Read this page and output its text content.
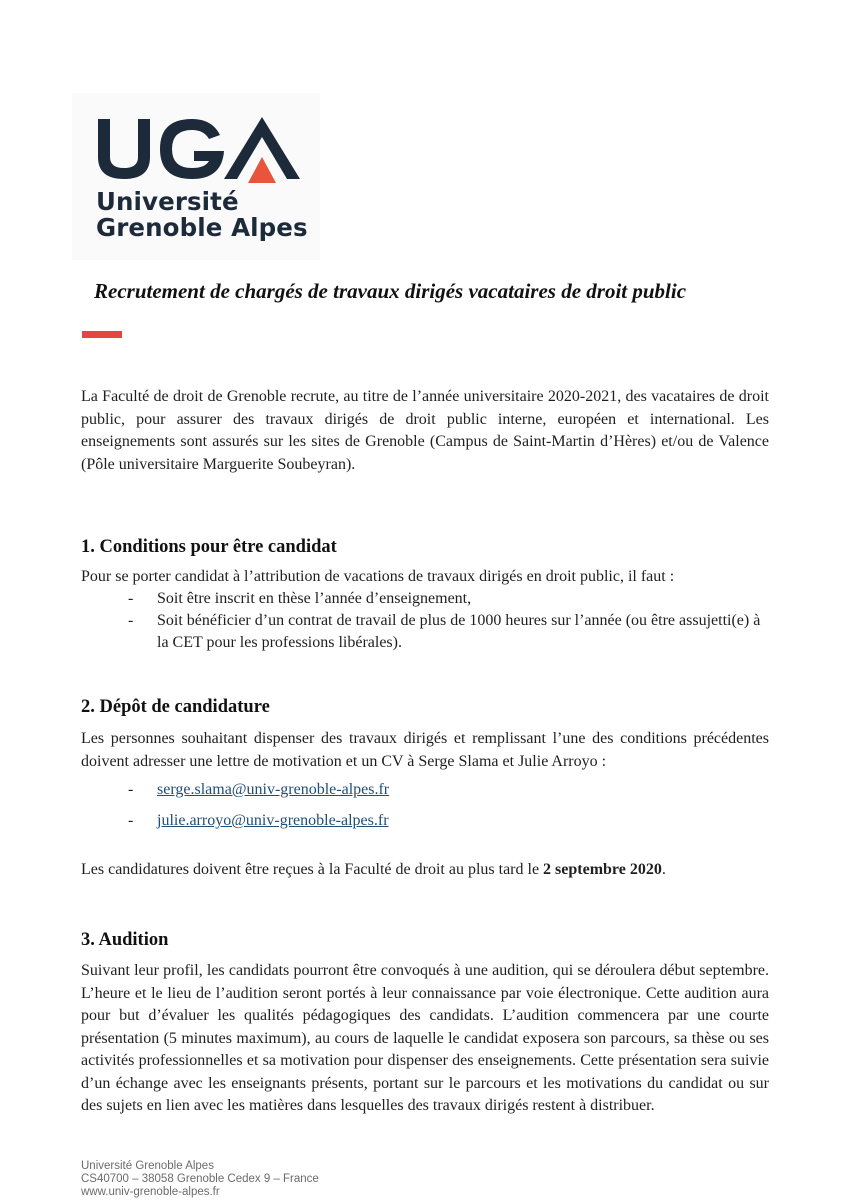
Université
Grenoble Alpes
Recrutement de chargés de travaux dirigés vacataires de droit public

La Faculté de droit de Grenoble recrute, au titre de l’année universitaire 2020-2021, des vacataires de droit public, pour assurer des travaux dirigés de droit public interne, européen et international. Les enseignements sont assurés sur les sites de Grenoble (Campus de Saint-Martin d’Hères) et/ou de Valence (Pôle universitaire Marguerite Soubeyran).

1. Conditions pour être candidat

Pour se porter candidat à l’attribution de vacations de travaux dirigés en droit public, il faut :

- Soit être inscrit en thèse l’année d’enseignement,
- Soit bénéficier d’un contrat de travail de plus de 1000 heures sur l’année (ou être assujetti(e) à la CET pour les professions libérales).
2. Dépôt de candidature

Les personnes souhaitant dispenser des travaux dirigés et remplissant l’une des conditions précédentes doivent adresser une lettre de motivation et un CV à Serge Slama et Julie Arroyo :

- serge.slama@univ-grenoble-alpes.fr
- julie.arroyo@univ-grenoble-alpes.fr

Les candidatures doivent être reçues à la Faculté de droit au plus tard le 2 septembre 2020.

3. Audition

Suivant leur profil, les candidats pourront être convoqués à une audition, qui se déroulera début septembre. L’heure et le lieu de l’audition seront portés à leur connaissance par voie électronique. Cette audition aura pour but d’évaluer les qualités pédagogiques des candidats. L’audition commencera par une courte présentation (5 minutes maximum), au cours de laquelle le candidat exposera son parcours, sa thèse ou ses activités professionnelles et sa motivation pour dispenser des enseignements. Cette présentation sera suivie d’un échange avec les enseignants présents, portant sur le parcours et les motivations du candidat ou sur des sujets en lien avec les matières dans lesquelles des travaux dirigés restent à distribuer.

Université Grenoble Alpes
CS40700 – 38058 Grenoble Cedex 9 – France
www.univ-grenoble-alpes.fr
